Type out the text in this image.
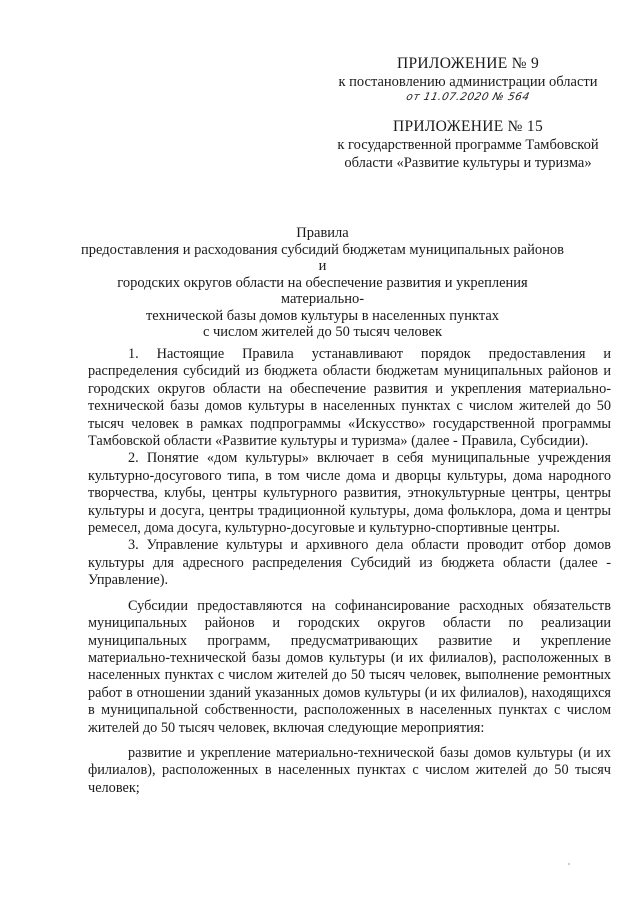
ПРИЛОЖЕНИЕ № 9
к постановлению администрации области
от 11.07.2020 № 564
ПРИЛОЖЕНИЕ № 15
к государственной программе Тамбовской
области «Развитие культуры и туризма»
Правила
предоставления и расходования субсидий бюджетам муниципальных районов и
городских округов области на обеспечение развития и укрепления материально-
технической базы домов культуры в населенных пунктах
с числом жителей до 50 тысяч человек

1. Настоящие Правила устанавливают порядок предоставления и распределения субсидий из бюджета области бюджетам муниципальных районов и городских округов области на обеспечение развития и укрепления материально-технической базы домов культуры в населенных пунктах с числом жителей до 50 тысяч человек в рамках подпрограммы «Искусство» государственной программы Тамбовской области «Развитие культуры и туризма» (далее - Правила, Субсидии).

2. Понятие «дом культуры» включает в себя муниципальные учреждения культурно-досугового типа, в том числе дома и дворцы культуры, дома народного творчества, клубы, центры культурного развития, этнокультурные центры, центры культуры и досуга, центры традиционной культуры, дома фольклора, дома и центры ремесел, дома досуга, культурно-досуговые и культурно-спортивные центры.

3. Управление культуры и архивного дела области проводит отбор домов культуры для адресного распределения Субсидий из бюджета области (далее - Управление).

Субсидии предоставляются на софинансирование расходных обязательств муниципальных районов и городских округов области по реализации муниципальных программ, предусматривающих развитие и укрепление материально-технической базы домов культуры (и их филиалов), расположенных в населенных пунктах с числом жителей до 50 тысяч человек, выполнение ремонтных работ в отношении зданий указанных домов культуры (и их филиалов), находящихся в муниципальной собственности, расположенных в населенных пунктах с числом жителей до 50 тысяч человек, включая следующие мероприятия:

развитие и укрепление материально-технической базы домов культуры (и их филиалов), расположенных в населенных пунктах с числом жителей до 50 тысяч человек;
